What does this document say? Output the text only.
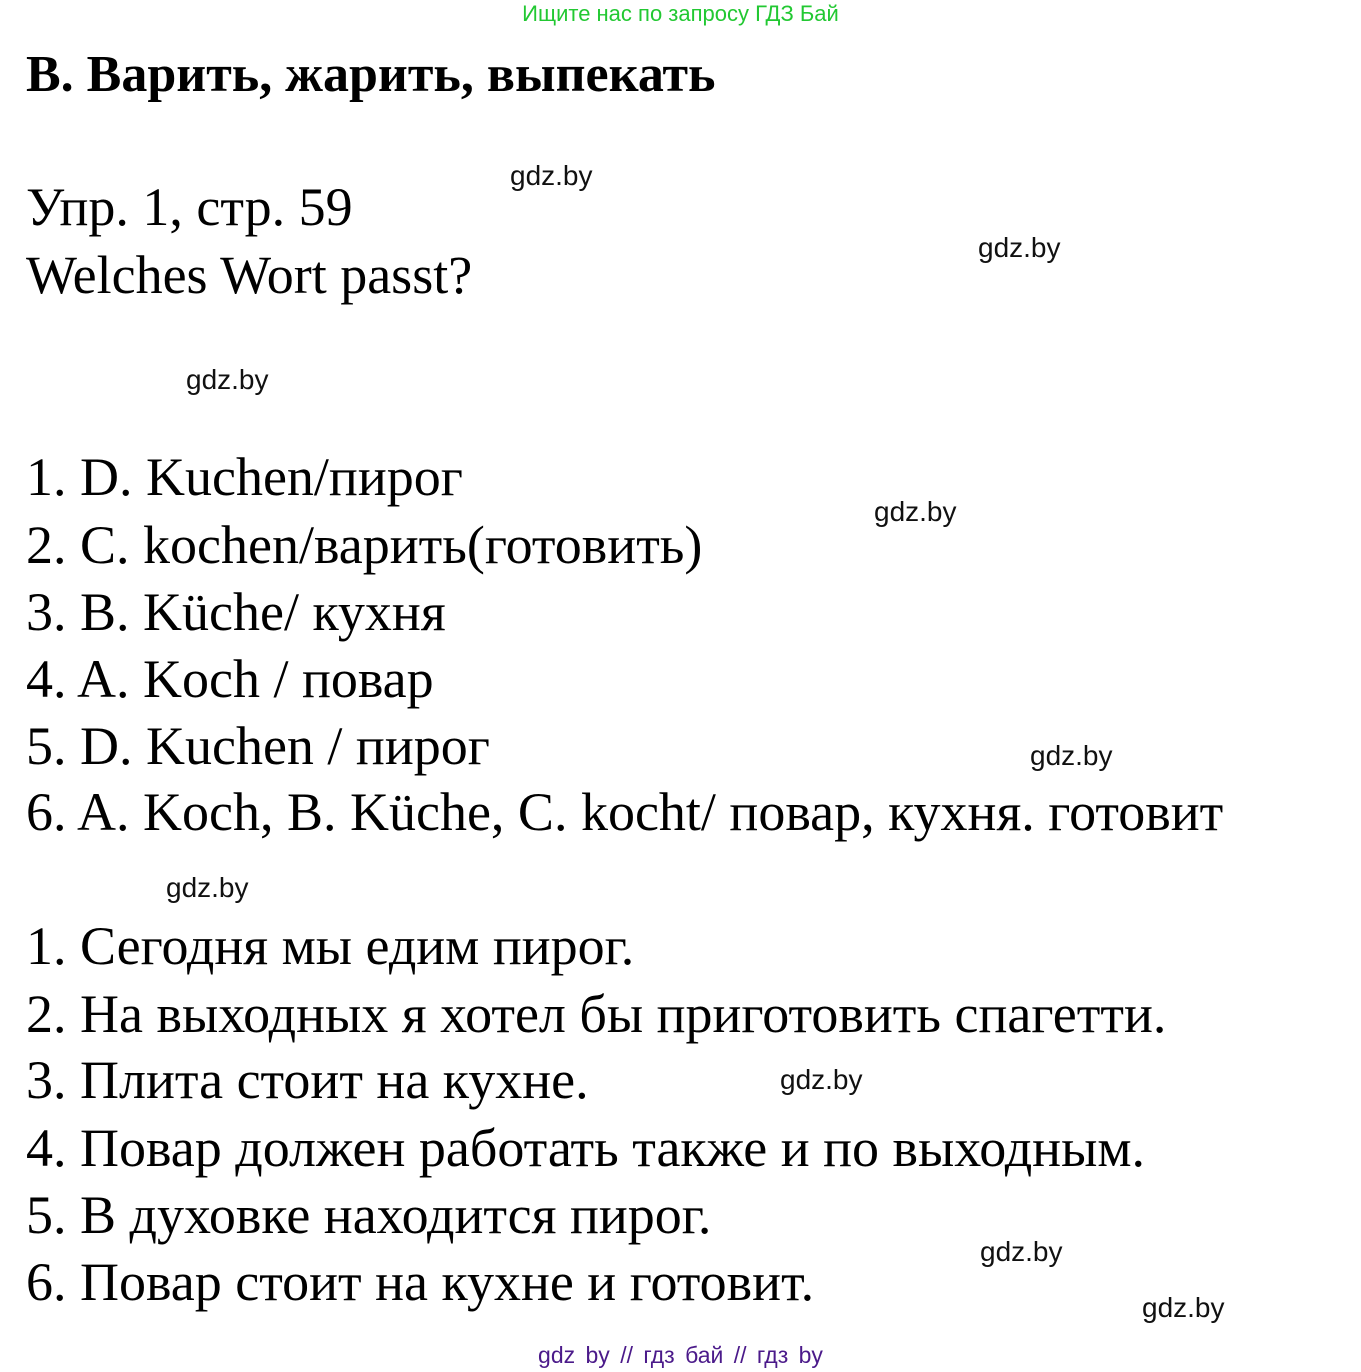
Ищите нас по запросу ГДЗ Бай
B. Варить, жарить, выпекать
Упр. 1, стр. 59
Welches Wort passt?
1. D. Kuchen/пирог
2. C. kochen/варить(готовить)
3. B. Küche/ кухня
4. A. Koch / повар
5. D. Kuchen / пирог
6. A. Koch, B. Küche, C. kocht/ повар, кухня. готовит
1. Сегодня мы едим пирог.
2. На выходных я хотел бы приготовить спагетти.
3. Плита стоит на кухне.
4. Повар должен работать также и по выходным.
5. В духовке находится пирог.
6. Повар стоит на кухне и готовит.
gdz.by
gdz.by
gdz.by
gdz.by
gdz.by
gdz.by
gdz.by
gdz.by
gdz.by
gdz by // гдз бай // гдз by
